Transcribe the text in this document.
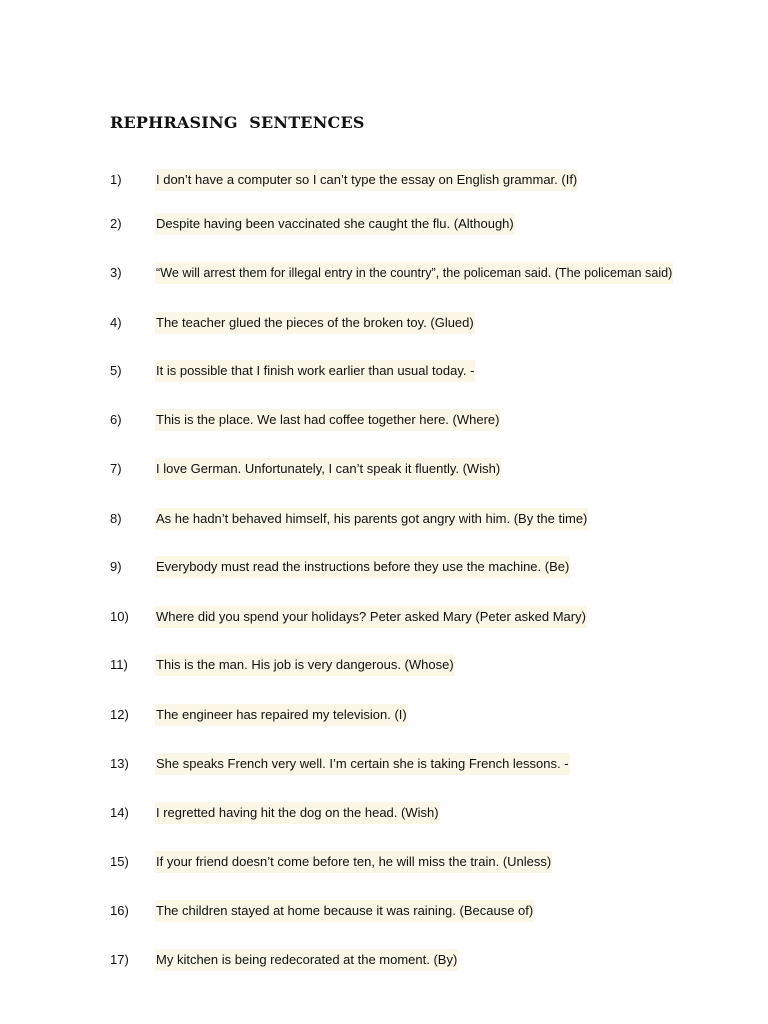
REPHRASING  SENTENCES
1)	I don’t have a computer so I can’t type the essay on English grammar. (If)
2)	Despite having been vaccinated she caught the flu. (Although)
3)	“We will arrest them for illegal entry in the country”, the policeman said. (The policeman said)
4)	The teacher glued the pieces of the broken toy. (Glued)
5)	It is possible that I finish work earlier than usual today. -
6)	This is the place. We last had coffee together here. (Where)
7)	I love German. Unfortunately, I can’t speak it fluently. (Wish)
8)	As he hadn’t behaved himself, his parents got angry with him. (By the time)
9)	Everybody must read the instructions before they use the machine. (Be)
10)	Where did you spend your holidays? Peter asked Mary (Peter asked Mary)
11)	This is the man. His job is very dangerous. (Whose)
12)	The engineer has repaired my television. (I)
13)	She speaks French very well. I’m certain she is taking French lessons. -
14)	I regretted having hit the dog on the head. (Wish)
15)	If your friend doesn’t come before ten, he will miss the train. (Unless)
16)	The children stayed at home because it was raining. (Because of)
17)	My kitchen is being redecorated at the moment. (By)
